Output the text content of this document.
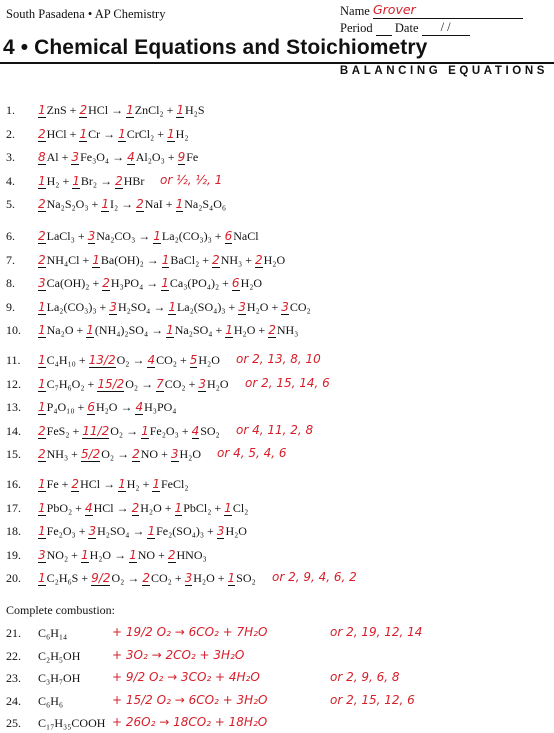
South Pasadena • AP Chemistry	Name Grover
Period Date / /
4 • Chemical Equations and Stoichiometry
BALANCING EQUATIONS
1. 1ZnS + 2HCl → 1ZnCl₂ + 1H₂S
2. 2HCl + 1Cr → 1CrCl₂ + 1H₂
3. 8Al + 3Fe₃O₄ → 4Al₂O₃ + 9Fe
4. 1H₂ + 1Br₂ → 2HBr or ½, ½, 1
5. 2Na₂S₂O₃ + 1I₂ → 2NaI + 1Na₂S₄O₆
6. 2LaCl₃ + 3Na₂CO₃ → 1La₂(CO₃)₃ + 6NaCl
7. 2NH₄Cl + 1Ba(OH)₂ → 1BaCl₂ + 2NH₃ + 2H₂O
8. 3Ca(OH)₂ + 2H₃PO₄ → 1Ca₃(PO₄)₂ + 6H₂O
9. 1La₂(CO₃)₃ + 3H₂SO₄ → 1La₂(SO₄)₃ + 3H₂O + 3CO₂
10. 1Na₂O + 1(NH₄)₂SO₄ → 1Na₂SO₄ + 1H₂O + 2NH₃
11. 1C₄H₁₀ + 13/2O₂ → 4CO₂ + 5H₂O or 2, 13, 8, 10
12. 1C₇H₆O₂ + 15/2O₂ → 7CO₂ + 3H₂O or 2, 15, 14, 6
13. 1P₄O₁₀ + 6H₂O → 4H₃PO₄
14. 2FeS₂ + 11/2O₂ → 1Fe₂O₃ + 4SO₂ or 4, 11, 2, 8
15. 2NH₃ + 5/2O₂ → 2NO + 3H₂O or 4, 5, 4, 6
16. 1Fe + 2HCl → 1H₂ + 1FeCl₂
17. 1PbO₂ + 4HCl → 2H₂O + 1PbCl₂ + 1Cl₂
18. 1Fe₂O₃ + 3H₂SO₄ → 1Fe₂(SO₄)₃ + 3H₂O
19. 3NO₂ + 1H₂O → 1NO + 2HNO₃
20. 1C₂H₆S + 9/2O₂ → 2CO₂ + 3H₂O + 1SO₂ or 2, 9, 4, 6, 2
Complete combustion:
21. C₆H₁₄	+ 19/2 O₂ → 6CO₂ + 7H₂O	or 2, 19, 12, 14
22. C₂H₅OH	+ 3O₂ → 2CO₂ + 3H₂O
23. C₃H₇OH	+ 9/2 O₂ → 3CO₂ + 4H₂O	or 2, 9, 6, 8
24. C₆H₆	+ 15/2 O₂ → 6CO₂ + 3H₂O	or 2, 15, 12, 6
25. C₁₇H₃₅COOH + 26O₂ → 18CO₂ + 18H₂O
